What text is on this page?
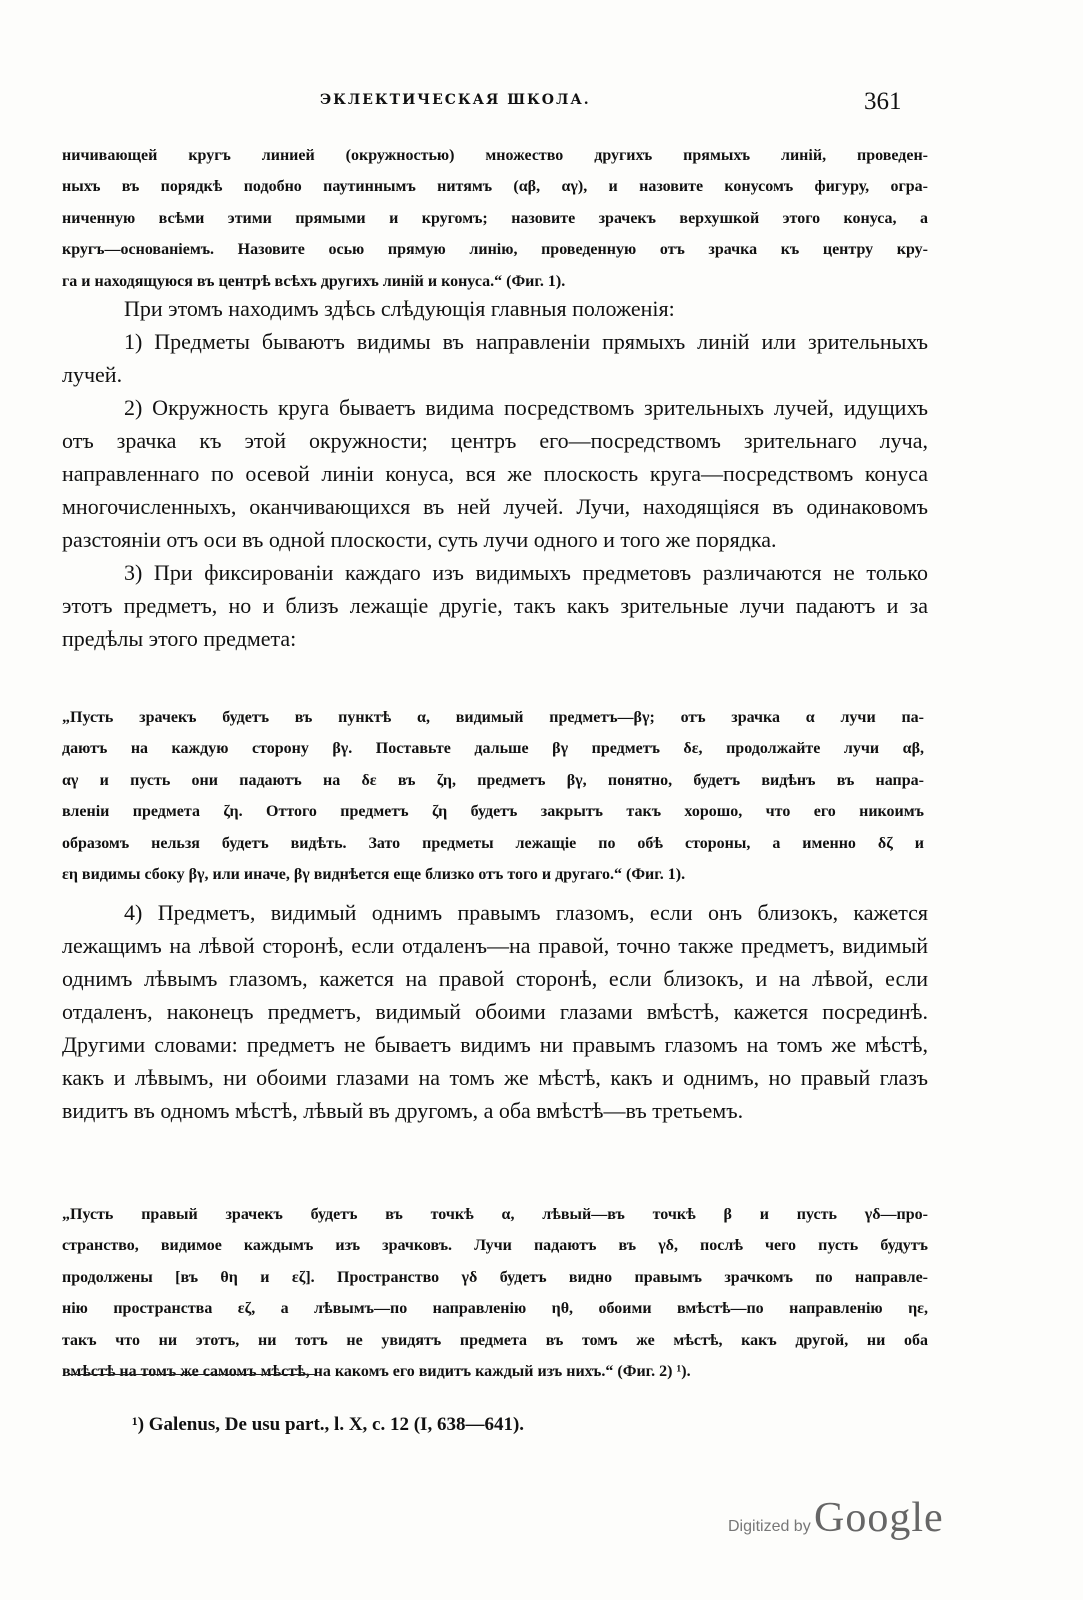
ЭКЛЕКТИЧЕСКАЯ ШКОЛА.	361
ничивающей кругъ линией (окружностью) множество другихъ прямыхъ линій, проведен-
ныхъ въ порядкѣ подобно паутиннымъ нитямъ (αβ, αγ), и назовите конусомъ фигуру, огра-
ниченную всѣми этими прямыми и кругомъ; назовите зрачекъ верхушкой этого конуса, а
кругъ—основаніемъ. Назовите осью прямую линію, проведенную отъ зрачка къ центру кру-
га и находящуюся въ центрѣ всѣхъ другихъ линій и конуса.“ (Фиг. 1).

При этомъ находимъ здѣсь слѣдующія главныя положенія:

1) Предметы бываютъ видимы въ направленіи прямыхъ линій или зрительныхъ лучей.

2) Окружность круга бываетъ видима посредствомъ зрительныхъ лучей, идущихъ отъ зрачка къ этой окружности; центръ его—посредствомъ зрительнаго луча, направленнаго по осевой линіи конуса, вся же плоскость круга—посредствомъ конуса многочисленныхъ, оканчивающихся въ ней лучей. Лучи, находящіяся въ одинаковомъ разстояніи отъ оси въ одной плоскости, суть лучи одного и того же порядка.

3) При фиксированіи каждаго изъ видимыхъ предметовъ различаются не только этотъ предметъ, но и близъ лежащіе другіе, такъ какъ зрительные лучи падаютъ и за предѣлы этого предмета:

„Пусть зрачекъ будетъ въ пунктѣ α, видимый предметъ—βγ; отъ зрачка α лучи па-
даютъ на каждую сторону βγ. Поставьте дальше βγ предметъ δε, продолжайте лучи αβ,
αγ и пусть они падаютъ на δε въ ζη, предметъ βγ, понятно, будетъ видѣнъ въ напра-
вленіи предмета ζη. Оттого предметъ ζη будетъ закрытъ такъ хорошо, что его никоимъ
образомъ нельзя будетъ видѣть. Зато предметы лежащіе по обѣ стороны, а именно δζ и
εη видимы сбоку βγ, или иначе, βγ виднѣется еще близко отъ того и другаго.“ (Фиг. 1).

4) Предметъ, видимый однимъ правымъ глазомъ, если онъ близокъ, кажется лежащимъ на лѣвой сторонѣ, если отдаленъ—на правой, точно также предметъ, видимый однимъ лѣвымъ глазомъ, кажется на правой сторонѣ, если близокъ, и на лѣвой, если отдаленъ, наконецъ предметъ, видимый обоими глазами вмѣстѣ, кажется посрединѣ. Другими словами: предметъ не бываетъ видимъ ни правымъ глазомъ на томъ же мѣстѣ, какъ и лѣвымъ, ни обоими глазами на томъ же мѣстѣ, какъ и однимъ, но правый глазъ видитъ въ одномъ мѣстѣ, лѣвый въ другомъ, а оба вмѣстѣ—въ третьемъ.

„Пусть правый зрачекъ будетъ въ точкѣ α, лѣвый—въ точкѣ β и пусть γδ—про-
странство, видимое каждымъ изъ зрачковъ. Лучи падаютъ въ γδ, послѣ чего пусть будутъ
продолжены [въ θη и εζ]. Пространство γδ будетъ видно правымъ зрачкомъ по направле-
нію пространства εζ, а лѣвымъ—по направленію ηθ, обоими вмѣстѣ—по направленію ηε,
такъ что ни этотъ, ни тотъ не увидятъ предмета въ томъ же мѣстѣ, какъ другой, ни оба
вмѣстѣ на томъ же самомъ мѣстѣ, на какомъ его видитъ каждый изъ нихъ.“ (Фиг. 2) ¹).
¹) Galenus, De usu part., l. X, c. 12 (I, 638—641).
Digitized by Google
